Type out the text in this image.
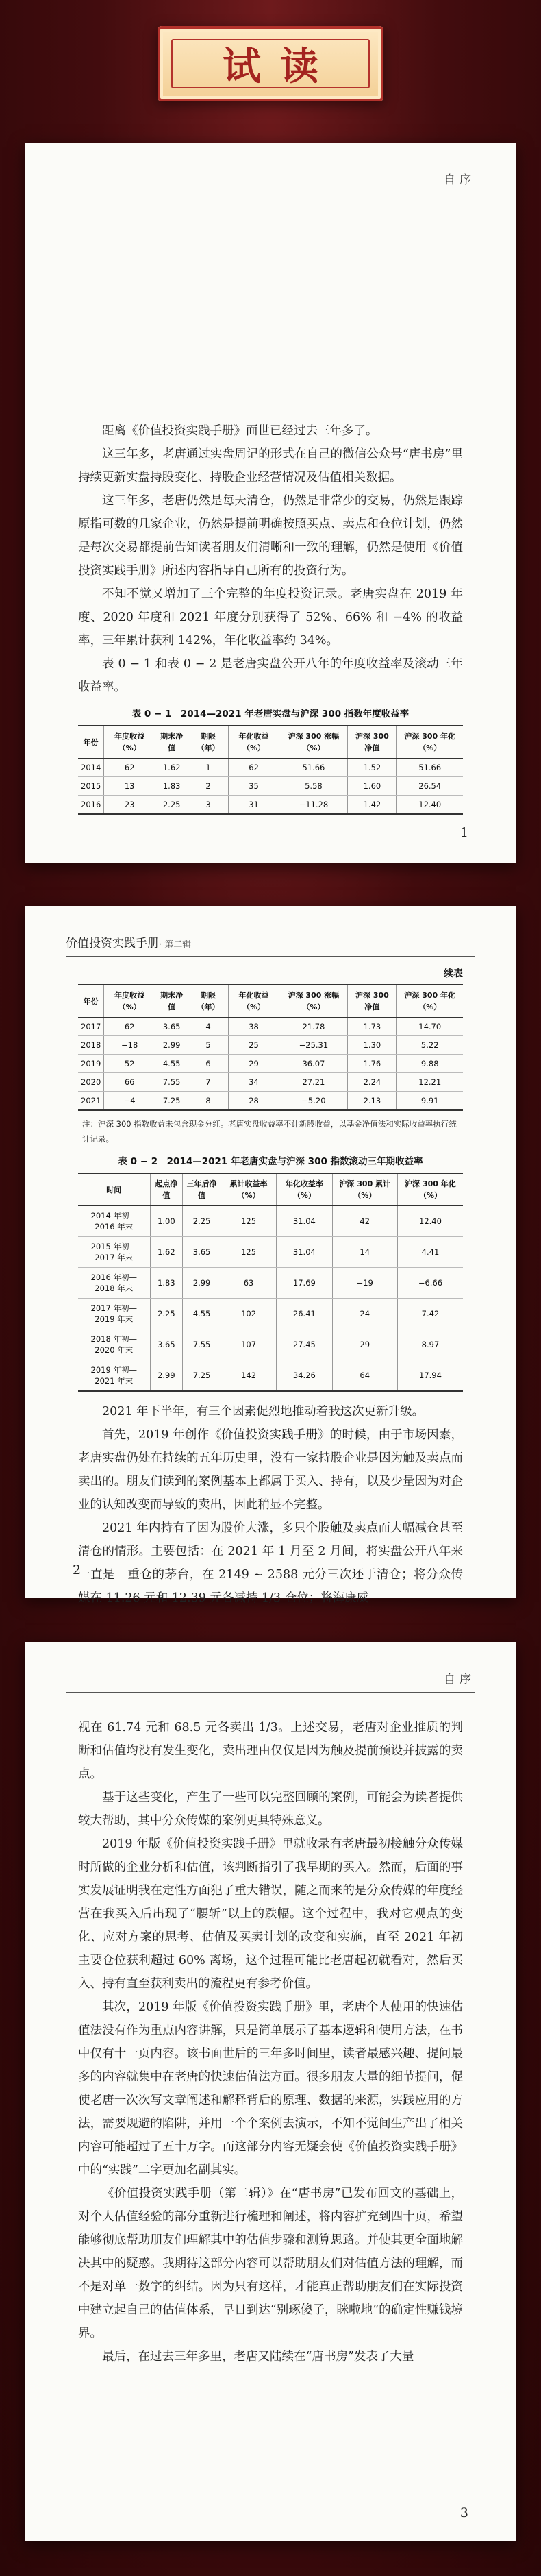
试读
自序

距离《价值投资实践手册》面世已经过去三年多了。

这三年多，老唐通过实盘周记的形式在自己的微信公众号“唐书房”里持续更新实盘持股变化、持股企业经营情况及估值相关数据。

这三年多，老唐仍然是每天清仓，仍然是非常少的交易，仍然是跟踪原指可数的几家企业，仍然是提前明确按照买点、卖点和仓位计划，仍然是每次交易都提前告知读者朋友们清晰和一致的理解，仍然是使用《价值投资实践手册》所述内容指导自己所有的投资行为。

不知不觉又增加了三个完整的年度投资记录。老唐实盘在 2019 年度、2020 年度和 2021 年度分别获得了 52%、66% 和 −4% 的收益率，三年累计获利 142%，年化收益率约 34%。

表 0 − 1 和表 0 − 2 是老唐实盘公开八年的年度收益率及滚动三年收益率。

表 0 − 1　2014—2021 年老唐实盘与沪深 300 指数年度收益率
年份	年度收益（%）	期末净值	期限（年）	年化收益（%）	沪深 300 涨幅（%）	沪深 300 净值	沪深 300 年化（%）
2014	62	1.62	1	62	51.66	1.52	51.66
2015	13	1.83	2	35	5.58	1.60	26.54
2016	23	2.25	3	31	−11.28	1.42	12.40
1
价值投资实践手册· 第二辑
续表
年份	年度收益（%）	期末净值	期限（年）	年化收益（%）	沪深 300 涨幅（%）	沪深 300 净值	沪深 300 年化（%）
2017	62	3.65	4	38	21.78	1.73	14.70
2018	−18	2.99	5	25	−25.31	1.30	5.22
2019	52	4.55	6	29	36.07	1.76	9.88
2020	66	7.55	7	34	27.21	2.24	12.21
2021	−4	7.25	8	28	−5.20	2.13	9.91
注：沪深 300 指数收益未包含现金分红。老唐实盘收益率不计新股收益，以基金净值法和实际收益率执行统计记录。
表 0 − 2　2014—2021 年老唐实盘与沪深 300 指数滚动三年期收益率
时间	起点净值	三年后净值	累计收益率（%）	年化收益率（%）	沪深 300 累计（%）	沪深 300 年化（%）
2014 年初—2016 年末	1.00	2.25	125	31.04	42	12.40
2015 年初—2017 年末	1.62	3.65	125	31.04	14	4.41
2016 年初—2018 年末	1.83	2.99	63	17.69	−19	−6.66
2017 年初—2019 年末	2.25	4.55	102	26.41	24	7.42
2018 年初—2020 年末	3.65	7.55	107	27.45	29	8.97
2019 年初—2021 年末	2.99	7.25	142	34.26	64	17.94

2021 年下半年，有三个因素促烈地推动着我这次更新升级。

首先，2019 年创作《价值投资实践手册》的时候，由于市场因素，老唐实盘仍处在持续的五年历史里，没有一家持股企业是因为触及卖点而卖出的。朋友们读到的案例基本上都属于买入、持有，以及少量因为对企业的认知改变而导致的卖出，因此稍显不完整。

2021 年内持有了因为股价大涨，多只个股触及卖点而大幅减仓甚至清仓的情形。主要包括：在 2021 年 1 月至 2 月间，将实盘公开八年来一直是　重仓的茅台，在 2149 ~ 2588 元分三次还于清仓；将分众传媒在 11.26 元和 12.39 元各减持 1/3 仓位；将海康威

2
自序

视在 61.74 元和 68.5 元各卖出 1/3。上述交易，老唐对企业推质的判断和估值均没有发生变化，卖出理由仅仅是因为触及提前预设并披露的卖点。

基于这些变化，产生了一些可以完整回顾的案例，可能会为读者提供较大帮助，其中分众传媒的案例更具特殊意义。

2019 年版《价值投资实践手册》里就收录有老唐最初接触分众传媒时所做的企业分析和估值，该判断指引了我早期的买入。然而，后面的事实发展证明我在定性方面犯了重大错误，随之而来的是分众传媒的年度经营在我买入后出现了“腰斩”以上的跌幅。这个过程中，我对它观点的变化、应对方案的思考、估值及买卖计划的改变和实施，直至 2021 年初主要仓位获利超过 60% 离场，这个过程可能比老唐起初就看对，然后买入、持有直至获利卖出的流程更有参考价值。

其次，2019 年版《价值投资实践手册》里，老唐个人使用的快速估值法没有作为重点内容讲解，只是简单展示了基本逻辑和使用方法，在书中仅有十一页内容。该书面世后的三年多时间里，读者最感兴趣、提问最多的内容就集中在老唐的快速估值法方面。很多朋友大量的细节提问，促使老唐一次次写文章阐述和解释背后的原理、数据的来源，实践应用的方法，需要规避的陷阱，并用一个个案例去演示，不知不觉间生产出了相关内容可能超过了五十万字。而这部分内容无疑会使《价值投资实践手册》中的“实践”二字更加名副其实。

《价值投资实践手册（第二辑）》在“唐书房”已发布回文的基础上，对个人估值经验的部分重新进行梳理和阐述，将内容扩充到四十页，希望能够彻底帮助朋友们理解其中的估值步骤和测算思路。并使其更全面地解决其中的疑惑。我期待这部分内容可以帮助朋友们对估值方法的理解，而不是对单一数字的纠结。因为只有这样，才能真正帮助朋友们在实际投资中建立起自己的估值体系，早日到达“别琢傻子，眯啦地”的确定性赚钱境界。

最后，在过去三年多里，老唐又陆续在“唐书房”发表了大量

3
